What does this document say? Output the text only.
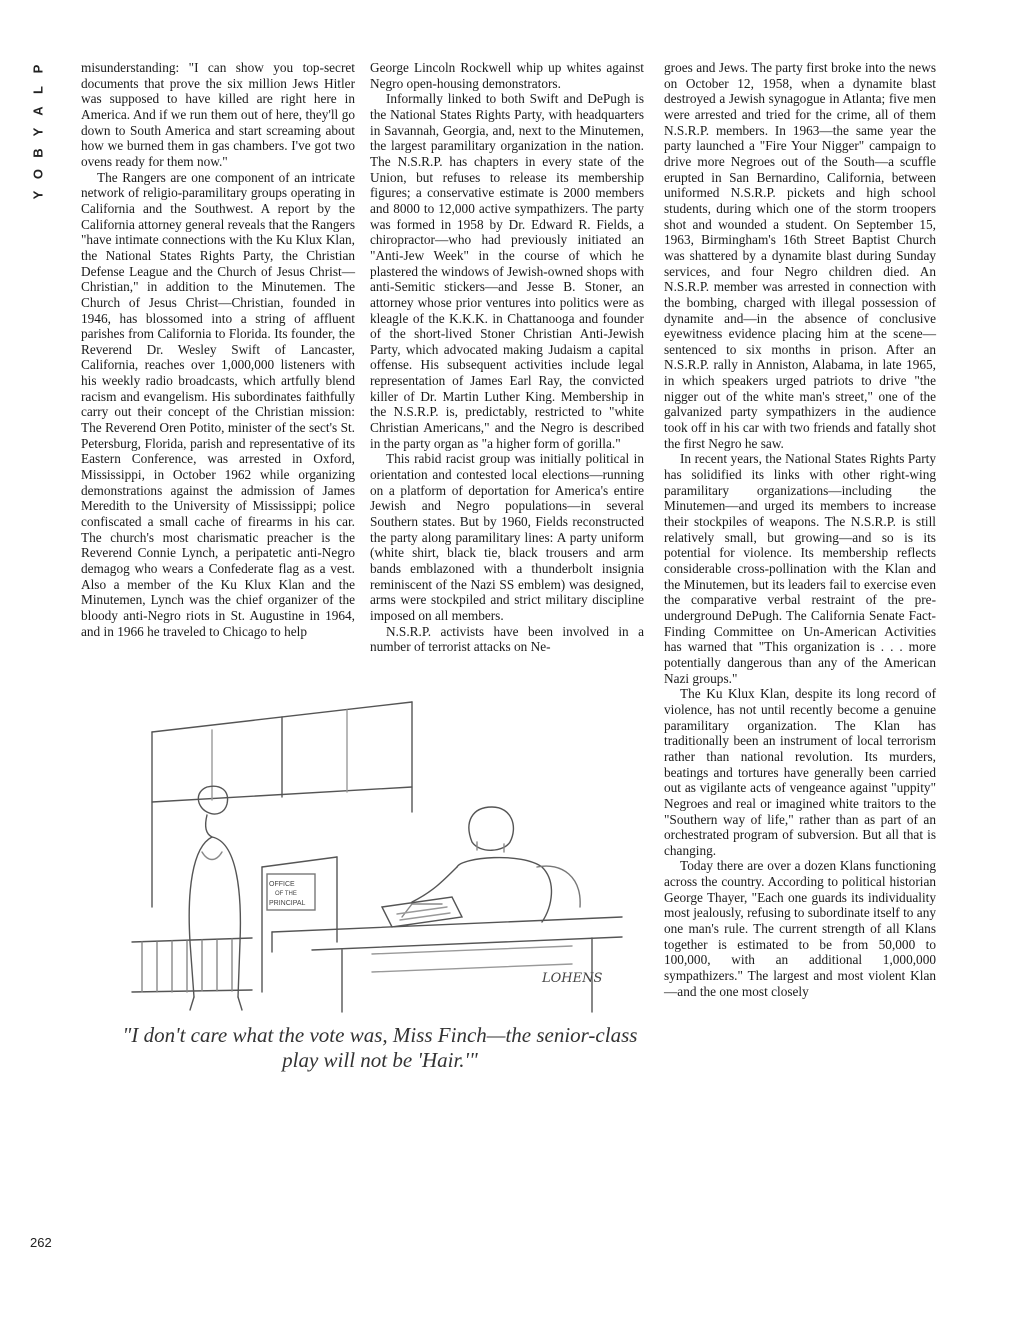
P
L
A
Y
B
O
Y

misunderstanding: "I can show you top-secret documents that prove the six million Jews Hitler was supposed to have killed are right here in America. And if we run them out of here, they'll go down to South America and start screaming about how we burned them in gas chambers. I've got two ovens ready for them now."

The Rangers are one component of an intricate network of religio-paramilitary groups operating in California and the Southwest. A report by the California attorney general reveals that the Rangers "have intimate connections with the Ku Klux Klan, the National States Rights Party, the Christian Defense League and the Church of Jesus Christ—Christian," in addition to the Minutemen. The Church of Jesus Christ—Christian, founded in 1946, has blossomed into a string of affluent parishes from California to Florida. Its founder, the Reverend Dr. Wesley Swift of Lancaster, California, reaches over 1,000,000 listeners with his weekly radio broadcasts, which artfully blend racism and evangelism. His subordinates faithfully carry out their concept of the Christian mission: The Reverend Oren Potito, minister of the sect's St. Petersburg, Florida, parish and representative of its Eastern Conference, was arrested in Oxford, Mississippi, in October 1962 while organizing demonstrations against the admission of James Meredith to the University of Mississippi; police confiscated a small cache of firearms in his car. The church's most charismatic preacher is the Reverend Connie Lynch, a peripatetic anti-Negro demagog who wears a Confederate flag as a vest. Also a member of the Ku Klux Klan and the Minutemen, Lynch was the chief organizer of the bloody anti-Negro riots in St. Augustine in 1964, and in 1966 he traveled to Chicago to help

George Lincoln Rockwell whip up whites against Negro open-housing demonstrators.

Informally linked to both Swift and DePugh is the National States Rights Party, with headquarters in Savannah, Georgia, and, next to the Minutemen, the largest paramilitary organization in the nation. The N.S.R.P. has chapters in every state of the Union, but refuses to release its membership figures; a conservative estimate is 2000 members and 8000 to 12,000 active sympathizers. The party was formed in 1958 by Dr. Edward R. Fields, a chiropractor—who had previously initiated an "Anti-Jew Week" in the course of which he plastered the windows of Jewish-owned shops with anti-Semitic stickers—and Jesse B. Stoner, an attorney whose prior ventures into politics were as kleagle of the K.K.K. in Chattanooga and founder of the short-lived Stoner Christian Anti-Jewish Party, which advocated making Judaism a capital offense. His subsequent activities include legal representation of James Earl Ray, the convicted killer of Dr. Martin Luther King. Membership in the N.S.R.P. is, predictably, restricted to "white Christian Americans," and the Negro is described in the party organ as "a higher form of gorilla."

This rabid racist group was initially political in orientation and contested local elections—running on a platform of deportation for America's entire Jewish and Negro populations—in several Southern states. But by 1960, Fields reconstructed the party along paramilitary lines: A party uniform (white shirt, black tie, black trousers and arm bands emblazoned with a thunderbolt insignia reminiscent of the Nazi SS emblem) was designed, arms were stockpiled and strict military discipline imposed on all members.

N.S.R.P. activists have been involved in a number of terrorist attacks on Ne-

groes and Jews. The party first broke into the news on October 12, 1958, when a dynamite blast destroyed a Jewish synagogue in Atlanta; five men were arrested and tried for the crime, all of them N.S.R.P. members. In 1963—the same year the party launched a "Fire Your Nigger" campaign to drive more Negroes out of the South—a scuffle erupted in San Bernardino, California, between uniformed N.S.R.P. pickets and high school students, during which one of the storm troopers shot and wounded a student. On September 15, 1963, Birmingham's 16th Street Baptist Church was shattered by a dynamite blast during Sunday services, and four Negro children died. An N.S.R.P. member was arrested in connection with the bombing, charged with illegal possession of dynamite and—in the absence of conclusive eyewitness evidence placing him at the scene—sentenced to six months in prison. After an N.S.R.P. rally in Anniston, Alabama, in late 1965, in which speakers urged patriots to drive "the nigger out of the white man's street," one of the galvanized party sympathizers in the audience took off in his car with two friends and fatally shot the first Negro he saw.

In recent years, the National States Rights Party has solidified its links with other right-wing paramilitary organizations—including the Minutemen—and urged its members to increase their stockpiles of weapons. The N.S.R.P. is still relatively small, but growing—and so is its potential for violence. Its membership reflects considerable cross-pollination with the Klan and the Minutemen, but its leaders fail to exercise even the comparative verbal restraint of the pre-underground DePugh. The California Senate Fact-Finding Committee on Un-American Activities has warned that "This organization is . . . more potentially dangerous than any of the American Nazi groups."

The Ku Klux Klan, despite its long record of violence, has not until recently become a genuine paramilitary organization. The Klan has traditionally been an instrument of local terrorism rather than national revolution. Its murders, beatings and tortures have generally been carried out as vigilante acts of vengeance against "uppity" Negroes and real or imagined white traitors to the "Southern way of life," rather than as part of an orchestrated program of subversion. But all that is changing.

Today there are over a dozen Klans functioning across the country. According to political historian George Thayer, "Each one guards its individuality most jealously, refusing to subordinate itself to any one man's rule. The current strength of all Klans together is estimated to be from 50,000 to 100,000, with an additional 1,000,000 sympathizers." The largest and most violent Klan—and the one most closely

OFFICE
OF THE
PRINCIPAL
LOHENS
"I don't care what the vote was, Miss Finch—the senior-class play will not be 'Hair.'"
262
